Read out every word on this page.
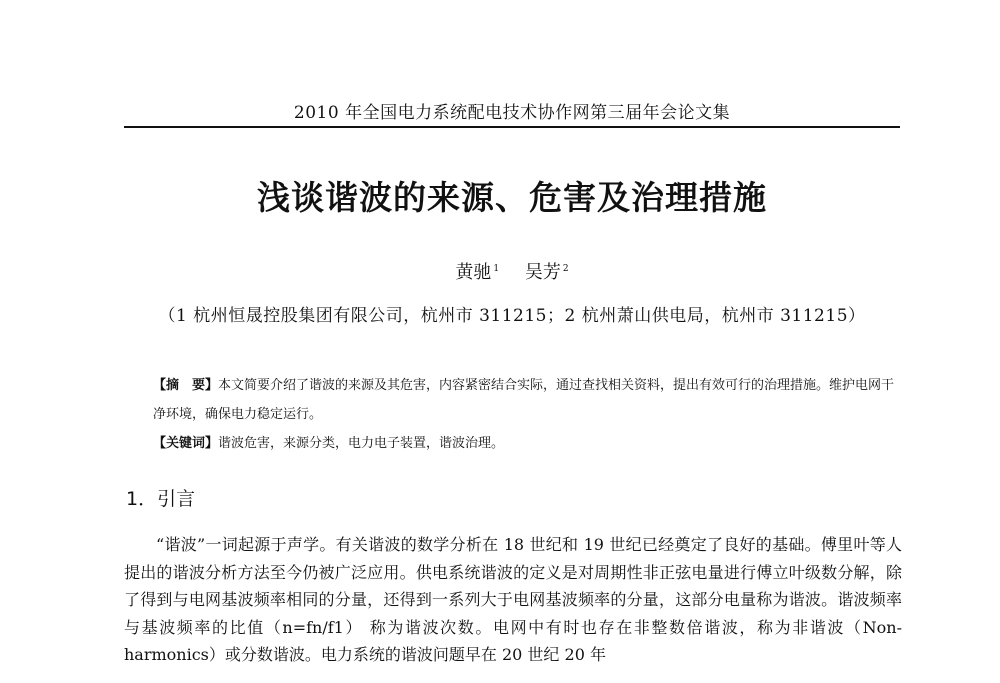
2010 年全国电力系统配电技术协作网第三届年会论文集
浅谈谐波的来源、危害及治理措施
黄驰 $^1$ 吴芳 $^2$
（1 杭州恒晟控股集团有限公司，杭州市 311215；2 杭州萧山供电局，杭州市 311215）

【摘　要】本文简要介绍了谐波的来源及其危害，内容紧密结合实际，通过查找相关资料，提出有效可行的治理措施。维护电网干净环境，确保电力稳定运行。

【关键词】谐波危害，来源分类，电力电子装置，谐波治理。

1．引言

“谐波”一词起源于声学。有关谐波的数学分析在 18 世纪和 19 世纪已经奠定了良好的基础。傅里叶等人提出的谐波分析方法至今仍被广泛应用。供电系统谐波的定义是对周期性非正弦电量进行傅立叶级数分解，除了得到与电网基波频率相同的分量，还得到一系列大于电网基波频率的分量，这部分电量称为谐波。谐波频率与基波频率的比值（n=fn/f1） 称为谐波次数。电网中有时也存在非整数倍谐波，称为非谐波（Non-harmonics）或分数谐波。电力系统的谐波问题早在 20 世纪 20 年
